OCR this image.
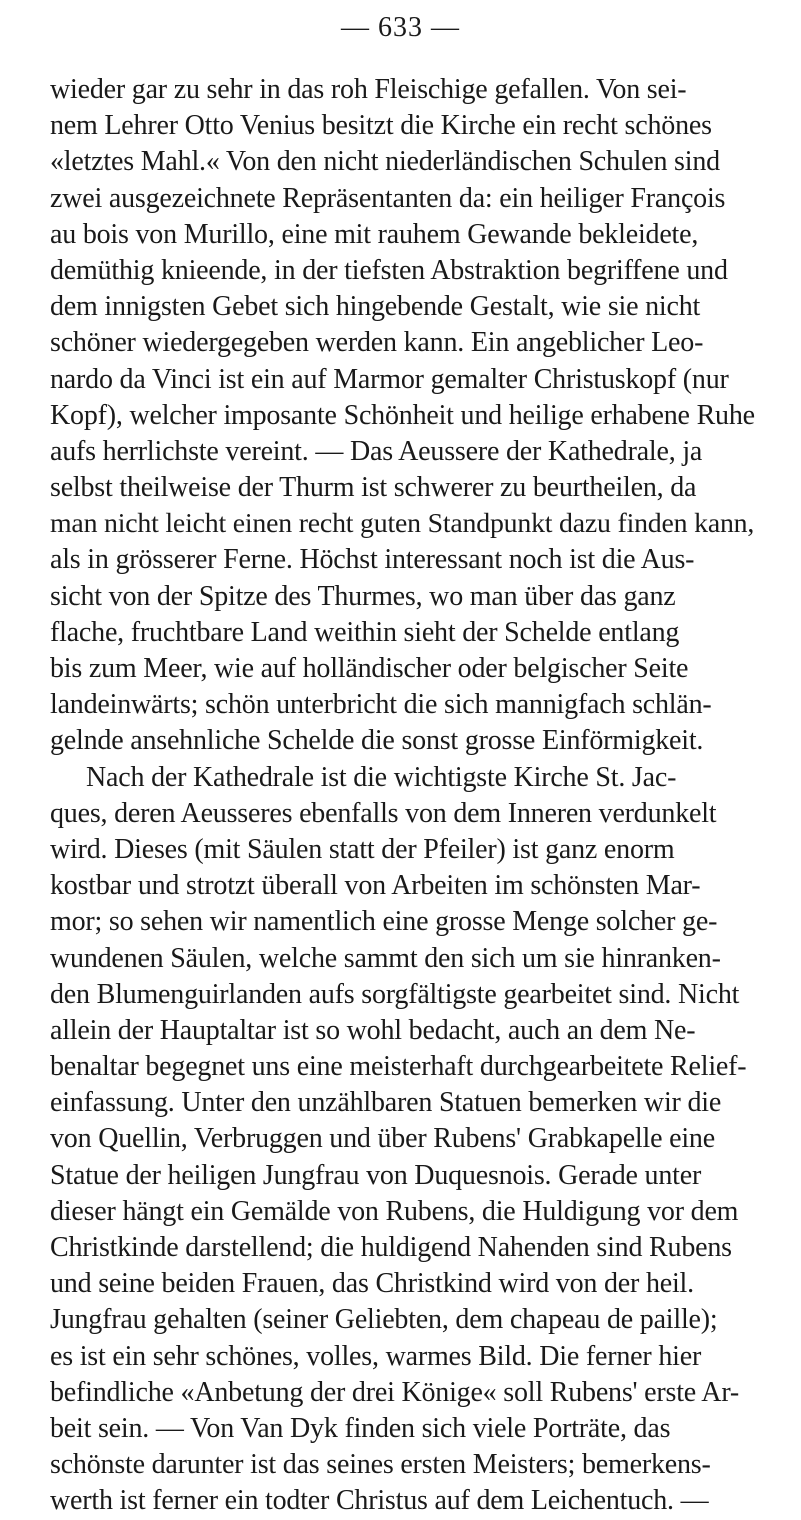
— 633 —
wieder gar zu sehr in das roh Fleischige gefallen. Von sei-
nem Lehrer Otto Venius besitzt die Kirche ein recht schönes
«letztes Mahl.« Von den nicht niederländischen Schulen sind
zwei ausgezeichnete Repräsentanten da: ein heiliger François
au bois von Murillo, eine mit rauhem Gewande bekleidete,
demüthig knieende, in der tiefsten Abstraktion begriffene und
dem innigsten Gebet sich hingebende Gestalt, wie sie nicht
schöner wiedergegeben werden kann. Ein angeblicher Leo-
nardo da Vinci ist ein auf Marmor gemalter Christuskopf (nur
Kopf), welcher imposante Schönheit und heilige erhabene Ruhe
aufs herrlichste vereint. — Das Aeussere der Kathedrale, ja
selbst theilweise der Thurm ist schwerer zu beurtheilen, da
man nicht leicht einen recht guten Standpunkt dazu finden kann,
als in grösserer Ferne. Höchst interessant noch ist die Aus-
sicht von der Spitze des Thurmes, wo man über das ganz
flache, fruchtbare Land weithin sieht der Schelde entlang
bis zum Meer, wie auf holländischer oder belgischer Seite
landeinwärts; schön unterbricht die sich mannigfach schlän-
gelnde ansehnliche Schelde die sonst grosse Einförmigkeit.
Nach der Kathedrale ist die wichtigste Kirche St. Jac-
ques, deren Aeusseres ebenfalls von dem Inneren verdunkelt
wird. Dieses (mit Säulen statt der Pfeiler) ist ganz enorm
kostbar und strotzt überall von Arbeiten im schönsten Mar-
mor; so sehen wir namentlich eine grosse Menge solcher ge-
wundenen Säulen, welche sammt den sich um sie hinranken-
den Blumenguirlanden aufs sorgfältigste gearbeitet sind. Nicht
allein der Hauptaltar ist so wohl bedacht, auch an dem Ne-
benaltar begegnet uns eine meisterhaft durchgearbeitete Relief-
einfassung. Unter den unzählbaren Statuen bemerken wir die
von Quellin, Verbruggen und über Rubens' Grabkapelle eine
Statue der heiligen Jungfrau von Duquesnois. Gerade unter
dieser hängt ein Gemälde von Rubens, die Huldigung vor dem
Christkinde darstellend; die huldigend Nahenden sind Rubens
und seine beiden Frauen, das Christkind wird von der heil.
Jungfrau gehalten (seiner Geliebten, dem chapeau de paille);
es ist ein sehr schönes, volles, warmes Bild. Die ferner hier
befindliche «Anbetung der drei Könige« soll Rubens' erste Ar-
beit sein. — Von Van Dyk finden sich viele Porträte, das
schönste darunter ist das seines ersten Meisters; bemerkens-
werth ist ferner ein todter Christus auf dem Leichentuch. —
